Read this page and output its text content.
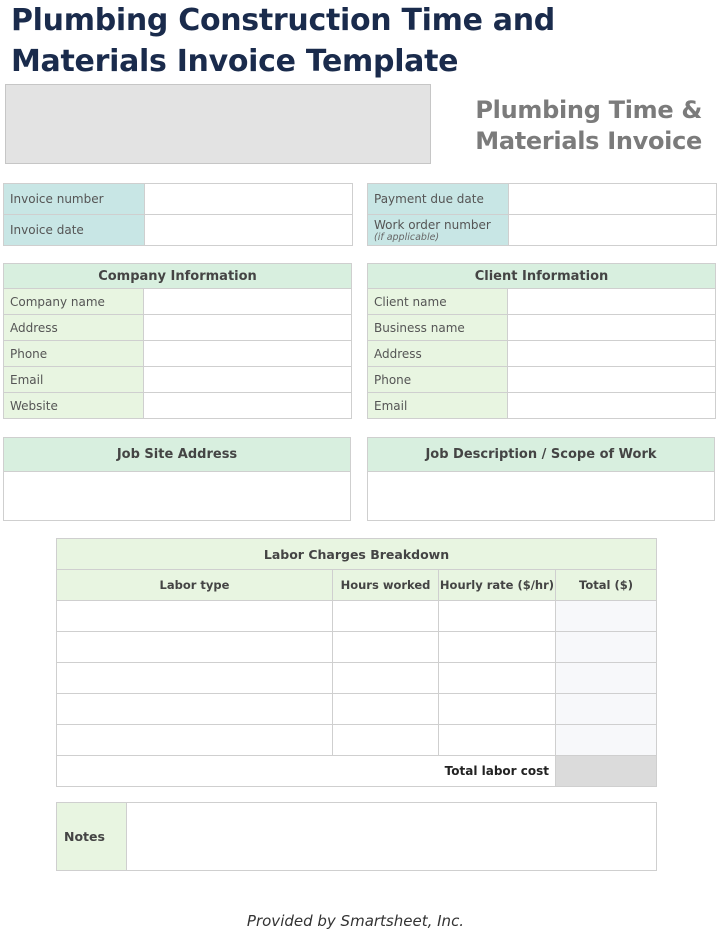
Plumbing Construction Time and Materials Invoice Template
Plumbing Time & Materials Invoice
Invoice number	
Invoice date	
Payment due date	
Work order number
(if applicable)	

Company Information	
Company name	
Address	
Phone	
Email	
Website	
Client Information	
Client name	
Business name	
Address	
Phone	
Email	
Job Site Address	Job Description / Scope of Work

Labor Charges Breakdown			
Labor type	Hours worked	Hourly rate ($/hr)	Total ($)

Total labor cost			
Notes	
Provided by Smartsheet, Inc.
